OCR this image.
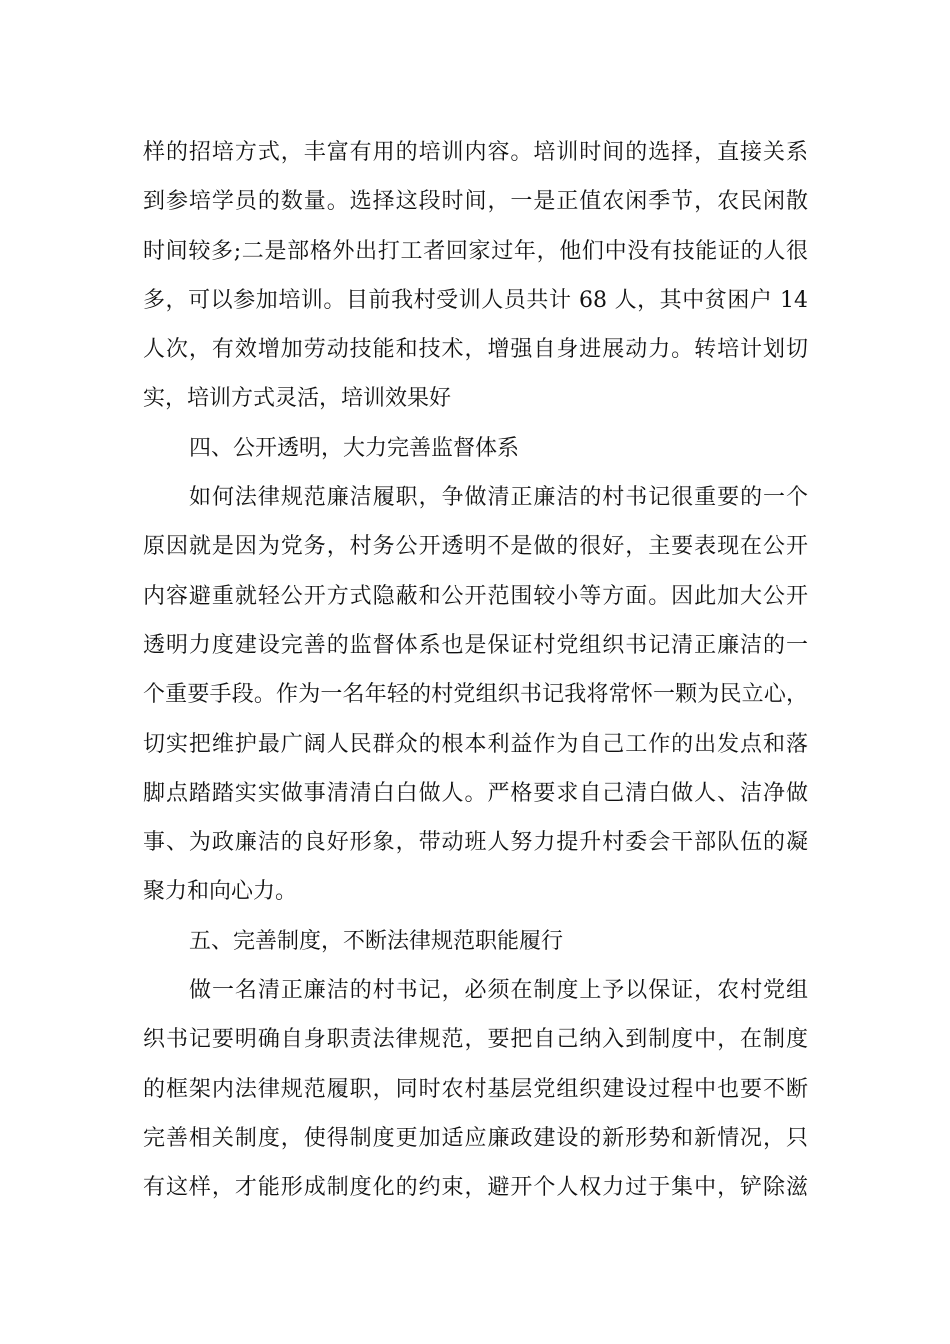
样的招培方式，丰富有用的培训内容。培训时间的选择，直接关系
到参培学员的数量。选择这段时间，一是正值农闲季节，农民闲散
时间较多;二是部格外出打工者回家过年，他们中没有技能证的人很
多，可以参加培训。目前我村受训人员共计 68 人，其中贫困户 14
人次，有效增加劳动技能和技术，增强自身进展动力。转培计划切
实，培训方式灵活，培训效果好
四、公开透明，大力完善监督体系
如何法律规范廉洁履职，争做清正廉洁的村书记很重要的一个
原因就是因为党务，村务公开透明不是做的很好，主要表现在公开
内容避重就轻公开方式隐蔽和公开范围较小等方面。因此加大公开
透明力度建设完善的监督体系也是保证村党组织书记清正廉洁的一
个重要手段。作为一名年轻的村党组织书记我将常怀一颗为民立心，
切实把维护最广阔人民群众的根本利益作为自己工作的出发点和落
脚点踏踏实实做事清清白白做人。严格要求自己清白做人、洁净做
事、为政廉洁的良好形象，带动班人努力提升村委会干部队伍的凝
聚力和向心力。
五、完善制度，不断法律规范职能履行
做一名清正廉洁的村书记，必须在制度上予以保证，农村党组
织书记要明确自身职责法律规范，要把自己纳入到制度中，在制度
的框架内法律规范履职，同时农村基层党组织建设过程中也要不断
完善相关制度，使得制度更加适应廉政建设的新形势和新情况，只
有这样，才能形成制度化的约束，避开个人权力过于集中，铲除滋
